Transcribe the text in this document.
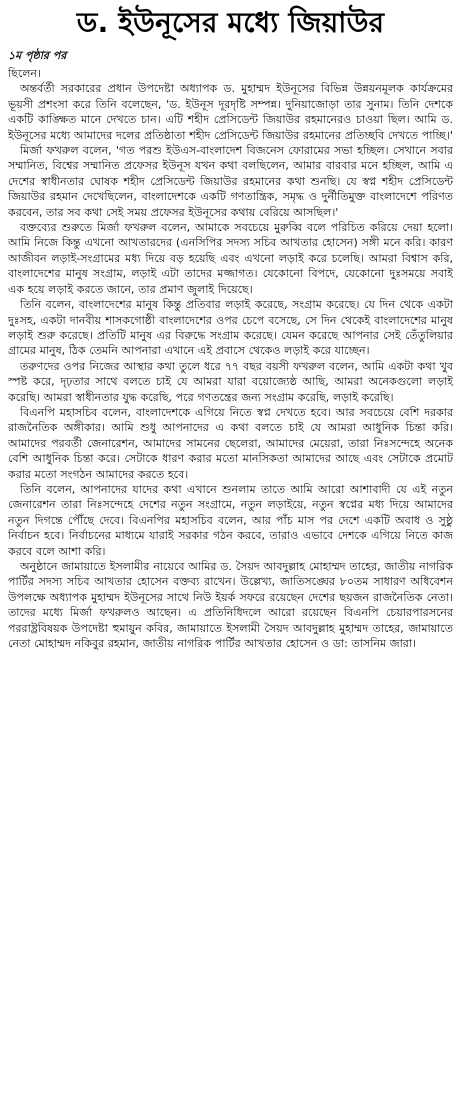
ড. ইউনূসের মধ্যে জিয়াউর
১ম পৃষ্ঠার পর

ছিলেন।

অন্তর্বর্তী সরকারের প্রধান উপদেষ্টা অধ্যাপক ড. মুহাম্মদ ইউনূসের বিভিন্ন উন্নয়নমূলক কার্যক্রমের ভূয়সী প্রশংসা করে তিনি বলেছেন, 'ড. ইউনূস দূরদৃষ্টি সম্পন্ন। দুনিয়াজোড়া তার সুনাম। তিনি দেশকে একটি কাঙ্ক্ষিত মানে দেখতে চান। এটি শহীদ প্রেসিডেন্ট জিয়াউর রহমানেরও চাওয়া ছিল। আমি ড. ইউনূসের মধ্যে আমাদের দলের প্রতিষ্ঠাতা শহীদ প্রেসিডেন্ট জিয়াউর রহমানের প্রতিচ্ছবি দেখতে পাচ্ছি।'

মির্জা ফখরুল বলেন, 'গত পরশু ইউএস-বাংলাদেশ বিজনেস ফোরামের সভা হচ্ছিল। সেখানে সবার সম্মানিত, বিশ্বের সম্মানিত প্রফেসর ইউনূস যখন কথা বলছিলেন, আমার বারবার মনে হচ্ছিল, আমি এ দেশের স্বাধীনতার ঘোষক শহীদ প্রেসিডেন্ট জিয়াউর রহমানের কথা শুনছি। যে স্বপ্ন শহীদ প্রেসিডেন্ট জিয়াউর রহমান দেখেছিলেন, বাংলাদেশকে একটি গণতান্ত্রিক, সমৃদ্ধ ও দুর্নীতিমুক্ত বাংলাদেশে পরিণত করবেন, তার সব কথা সেই সময় প্রফেসর ইউনূসের কথায় বেরিয়ে আসছিল।'

বক্তব্যের শুরুতে মির্জা ফখরুল বলেন, আমাকে সবচেয়ে মুরুব্বি বলে পরিচিত করিয়ে দেয়া হলো। আমি নিজে কিন্তু এখনো আখতারদের (এনসিপির সদস্য সচিব আখতার হোসেন) সঙ্গী মনে করি। কারণ আজীবন লড়াই-সংগ্রামের মধ্য দিয়ে বড় হয়েছি এবং এখনো লড়াই করে চলেছি। আমরা বিশ্বাস করি, বাংলাদেশের মানুষ সংগ্রাম, লড়াই এটা তাদের মজ্জাগত। যেকোনো বিপদে, যেকোনো দুঃসময়ে সবাই এক হয়ে লড়াই করতে জানে, তার প্রমাণ জুলাই দিয়েছে।

তিনি বলেন, বাংলাদেশের মানুষ কিন্তু প্রতিবার লড়াই করেছে, সংগ্রাম করেছে। যে দিন থেকে একটা দুঃসহ, একটা দানবীয় শাসকগোষ্ঠী বাংলাদেশের ওপর চেপে বসেছে, সে দিন থেকেই বাংলাদেশের মানুষ লড়াই শুরু করেছে। প্রতিটি মানুষ এর বিরুদ্ধে সংগ্রাম করেছে। যেমন করেছে আপনার সেই তেঁতুলিয়ার গ্রামের মানুষ, ঠিক তেমনি আপনারা এখানে এই প্রবাসে থেকেও লড়াই করে যাচ্ছেন।

তরুণদের ওপর নিজের আস্থার কথা তুলে ধরে ৭৭ বছর বয়সী ফখরুল বলেন, আমি একটা কথা খুব স্পষ্ট করে, দৃঢ়তার সাথে বলতে চাই যে আমরা যারা বয়োজ্যেষ্ঠ আছি, আমরা অনেকগুলো লড়াই করেছি। আমরা স্বাধীনতার যুদ্ধ করেছি, পরে গণতন্ত্রের জন্য সংগ্রাম করেছি, লড়াই করেছি।

বিএনপি মহাসচিব বলেন, বাংলাদেশকে এগিয়ে নিতে স্বপ্ন দেখতে হবে। আর সবচেয়ে বেশি দরকার রাজনৈতিক অঙ্গীকার। আমি শুধু আপনাদের এ কথা বলতে চাই যে আমরা আধুনিক চিন্তা করি। আমাদের পরবর্তী জেনারেশন, আমাদের সামনের ছেলেরা, আমাদের মেয়েরা, তারা নিঃসন্দেহে অনেক বেশি আধুনিক চিন্তা করে। সেটাকে ধারণ করার মতো মানসিকতা আমাদের আছে এবং সেটাকে প্রমোট করার মতো সংগঠন আমাদের করতে হবে।

তিনি বলেন, আপনাদের যাদের কথা এখানে শুনলাম তাতে আমি আরো আশাবাদী যে এই নতুন জেনারেশন তারা নিঃসন্দেহে দেশের নতুন সংগ্রামে, নতুন লড়াইয়ে, নতুন স্বপ্নের মধ্য দিয়ে আমাদের নতুন দিগন্তে পৌঁছে দেবে। বিএনপির মহাসচিব বলেন, আর পাঁচ মাস পর দেশে একটি অবাধ ও সুষ্ঠু নির্বাচন হবে। নির্বাচনের মাধ্যমে যারাই সরকার গঠন করবে, তারাও এভাবে দেশকে এগিয়ে নিতে কাজ করবে বলে আশা করি।

অনুষ্ঠানে জামায়াতে ইসলামীর নায়েবে আমির ড. সৈয়দ আবদুল্লাহ মোহাম্মদ তাহের, জাতীয় নাগরিক পার্টির সদস্য সচিব আখতার হোসেন বক্তব্য রাখেন। উল্লেখ্য, জাতিসঙ্ঘের ৮০তম সাধারণ অধিবেশন উপলক্ষে অধ্যাপক মুহাম্মদ ইউনূসের সাথে নিউ ইয়র্ক সফরে রয়েছেন দেশের ছয়জন রাজনৈতিক নেতা। তাদের মধ্যে মির্জা ফখরুলও আছেন। এ প্রতিনিধিদলে আরো রয়েছেন বিএনপি চেয়ারপারসনের পররাষ্ট্রবিষয়ক উপদেষ্টা হুমায়ুন কবির, জামায়াতে ইসলামী সৈয়দ আবদুল্লাহ মুহাম্মদ তাহের, জামায়াতে নেতা মোহাম্মদ নকিবুর রহমান, জাতীয় নাগরিক পার্টির আখতার হোসেন ও ডা: তাসনিম জারা।
